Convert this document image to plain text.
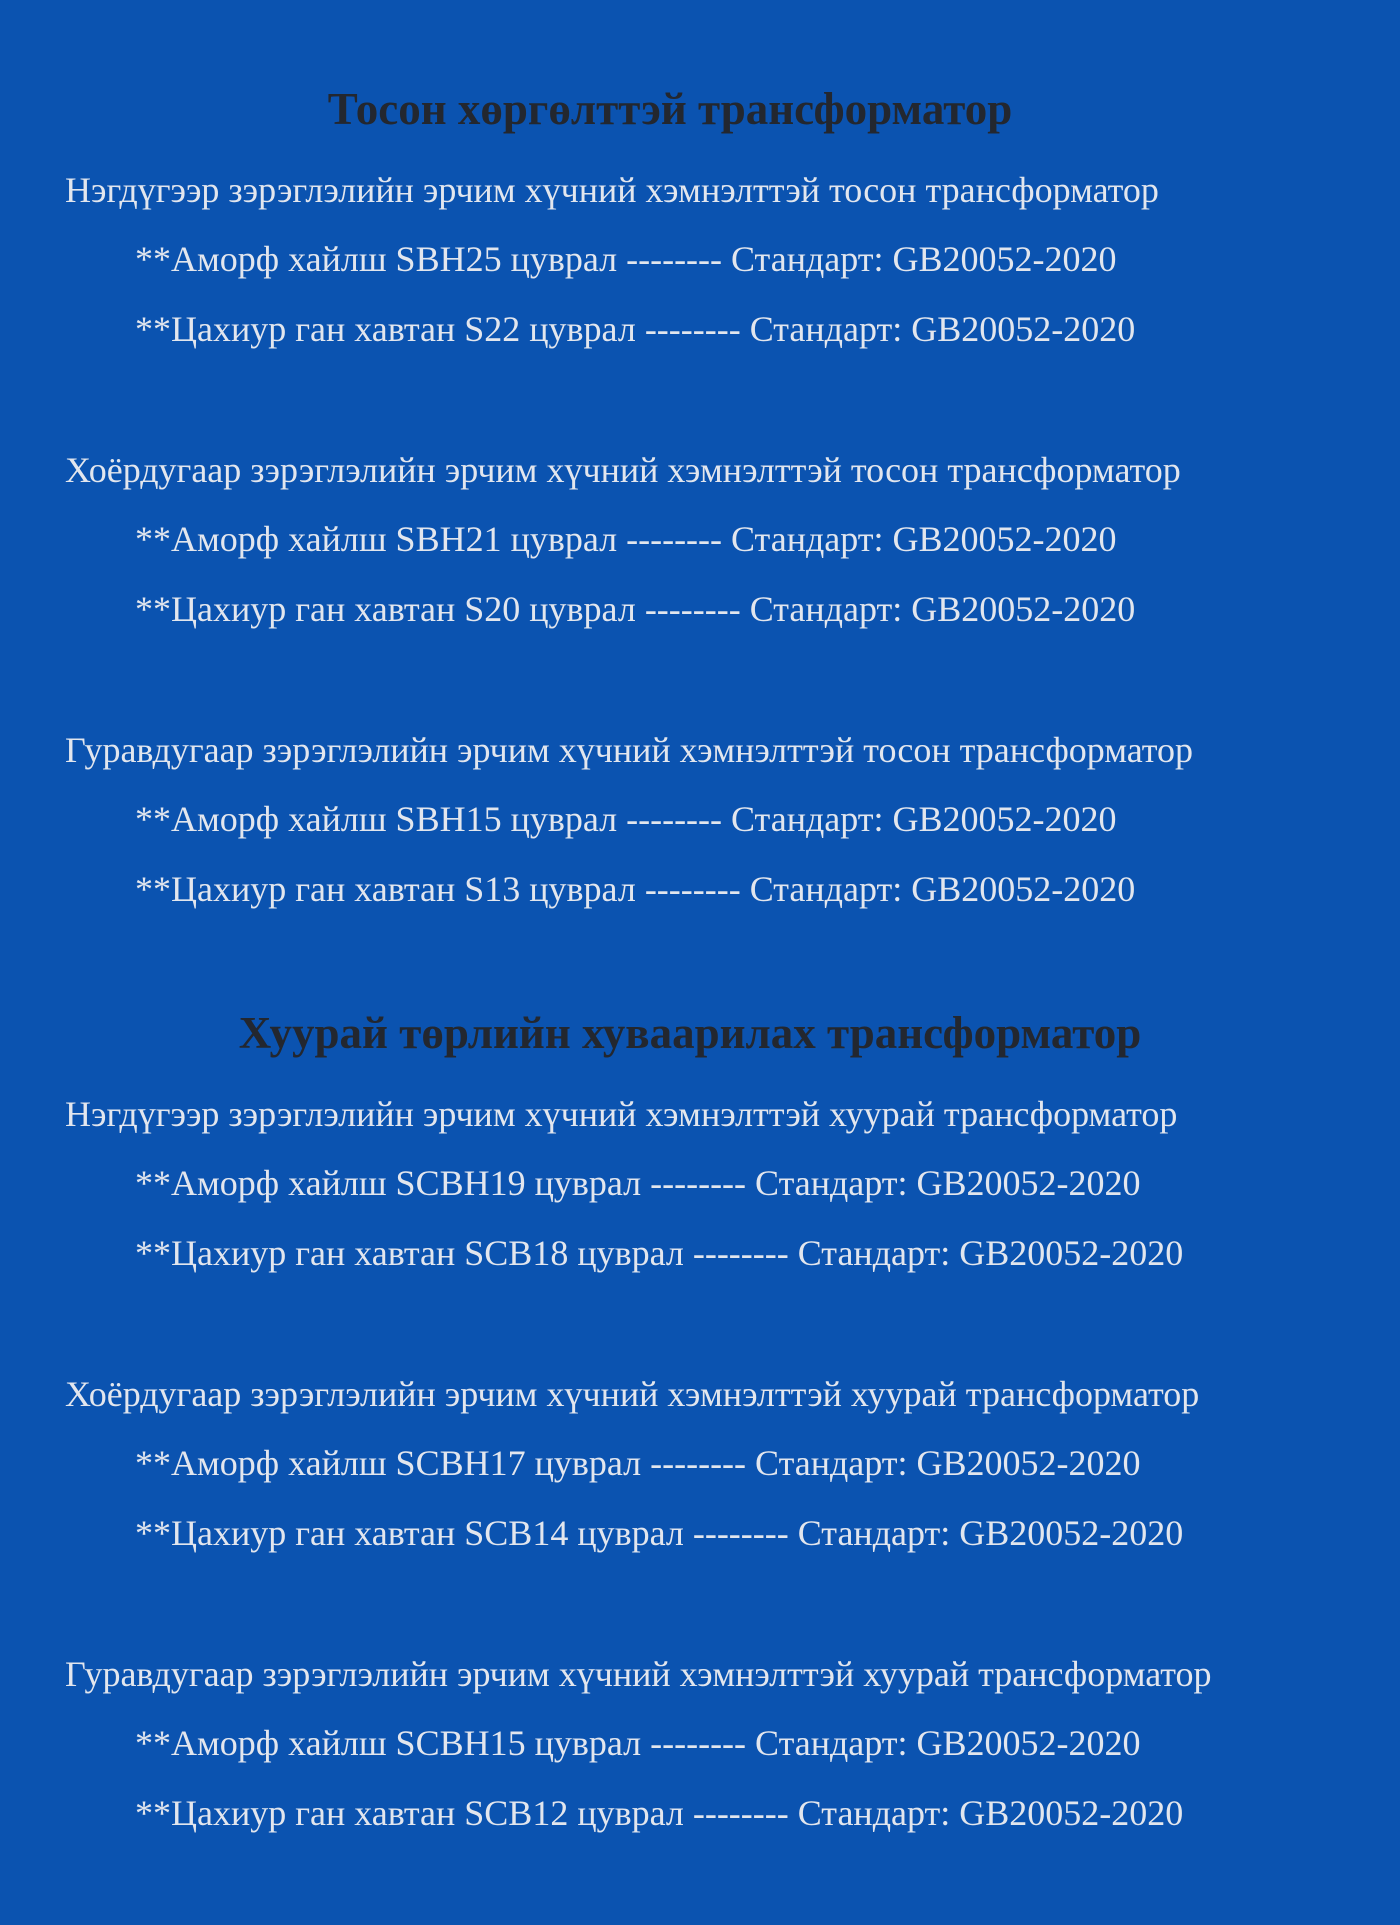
Тосон хөргөлттэй трансформатор
Нэгдүгээр зэрэглэлийн эрчим хүчний хэмнэлттэй тосон трансформатор
**Аморф хайлш SBH25 цуврал -------- Стандарт: GB20052-2020
**Цахиур ган хавтан S22 цуврал -------- Стандарт: GB20052-2020
Хоёрдугаар зэрэглэлийн эрчим хүчний хэмнэлттэй тосон трансформатор
**Аморф хайлш SBH21 цуврал -------- Стандарт: GB20052-2020
**Цахиур ган хавтан S20 цуврал -------- Стандарт: GB20052-2020
Гуравдугаар зэрэглэлийн эрчим хүчний хэмнэлттэй тосон трансформатор
**Аморф хайлш SBH15 цуврал -------- Стандарт: GB20052-2020
**Цахиур ган хавтан S13 цуврал -------- Стандарт: GB20052-2020
Хуурай төрлийн хуваарилах трансформатор
Нэгдүгээр зэрэглэлийн эрчим хүчний хэмнэлттэй хуурай трансформатор
**Аморф хайлш SCBH19 цуврал -------- Стандарт: GB20052-2020
**Цахиур ган хавтан SCB18 цуврал -------- Стандарт: GB20052-2020
Хоёрдугаар зэрэглэлийн эрчим хүчний хэмнэлттэй хуурай трансформатор
**Аморф хайлш SCBH17 цуврал -------- Стандарт: GB20052-2020
**Цахиур ган хавтан SCB14 цуврал -------- Стандарт: GB20052-2020
Гуравдугаар зэрэглэлийн эрчим хүчний хэмнэлттэй хуурай трансформатор
**Аморф хайлш SCBH15 цуврал -------- Стандарт: GB20052-2020
**Цахиур ган хавтан SCB12 цуврал -------- Стандарт: GB20052-2020
